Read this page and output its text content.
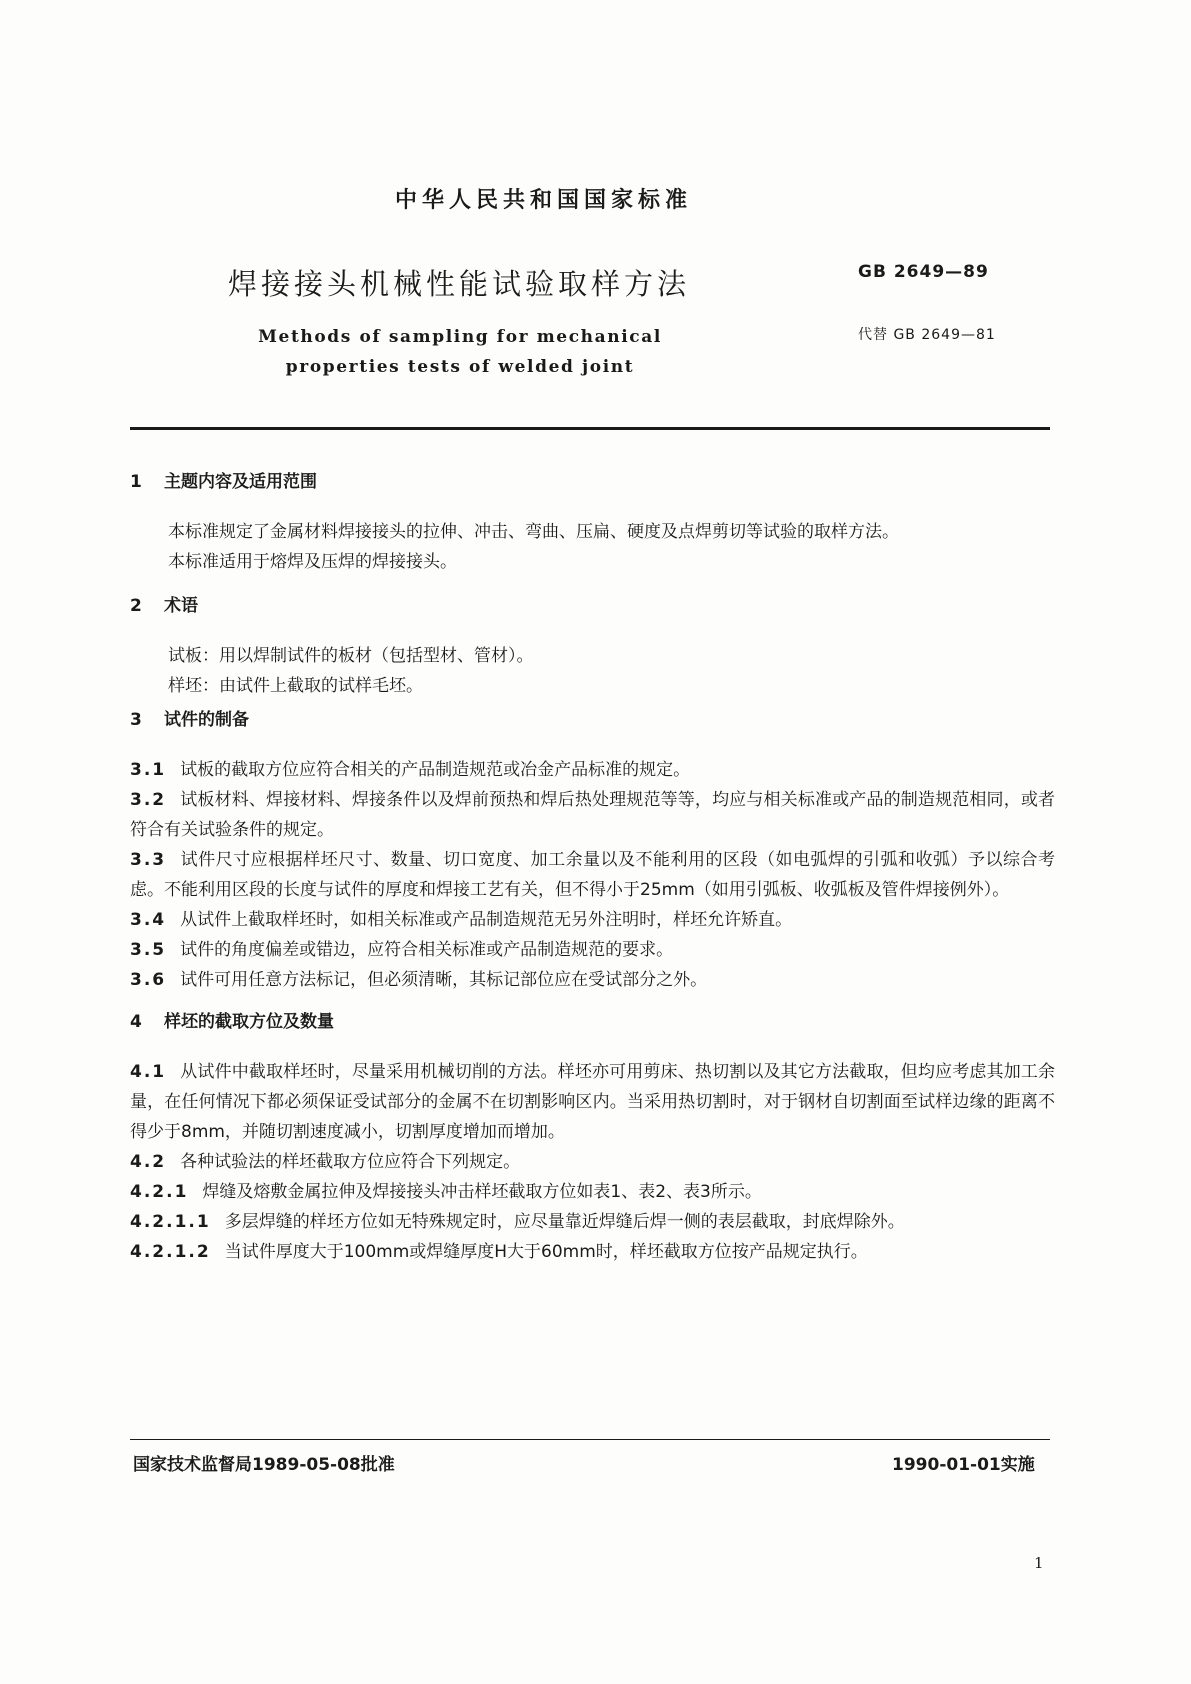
中华人民共和国国家标准
焊接接头机械性能试验取样方法	GB 2649—89
Methods of sampling for mechanical
properties tests of welded joint
代替 GB 2649—81
1	主题内容及适用范围
本标准规定了金属材料焊接接头的拉伸、冲击、弯曲、压扁、硬度及点焊剪切等试验的取样方法。
本标准适用于熔焊及压焊的焊接接头。
2	术语
试板：用以焊制试件的板材（包括型材、管材）。
样坯：由试件上截取的试样毛坯。
3	试件的制备
3.1 试板的截取方位应符合相关的产品制造规范或冶金产品标准的规定。
3.2 试板材料、焊接材料、焊接条件以及焊前预热和焊后热处理规范等等，均应与相关标准或产品的制造规范相同，或者符合有关试验条件的规定。
3.3 试件尺寸应根据样坯尺寸、数量、切口宽度、加工余量以及不能利用的区段（如电弧焊的引弧和收弧）予以综合考虑。不能利用区段的长度与试件的厚度和焊接工艺有关，但不得小于25mm（如用引弧板、收弧板及管件焊接例外）。
3.4 从试件上截取样坯时，如相关标准或产品制造规范无另外注明时，样坯允许矫直。
3.5 试件的角度偏差或错边，应符合相关标准或产品制造规范的要求。
3.6 试件可用任意方法标记，但必须清晰，其标记部位应在受试部分之外。
4	样坯的截取方位及数量
4.1 从试件中截取样坯时，尽量采用机械切削的方法。样坯亦可用剪床、热切割以及其它方法截取，但均应考虑其加工余量，在任何情况下都必须保证受试部分的金属不在切割影响区内。当采用热切割时，对于钢材自切割面至试样边缘的距离不得少于8mm，并随切割速度减小，切割厚度增加而增加。
4.2 各种试验法的样坯截取方位应符合下列规定。
4.2.1 焊缝及熔敷金属拉伸及焊接接头冲击样坯截取方位如表1、表2、表3所示。
4.2.1.1 多层焊缝的样坯方位如无特殊规定时，应尽量靠近焊缝后焊一侧的表层截取，封底焊除外。
4.2.1.2 当试件厚度大于100mm或焊缝厚度H大于60mm时，样坯截取方位按产品规定执行。
国家技术监督局1989-05-08批准	1990-01-01实施
1
